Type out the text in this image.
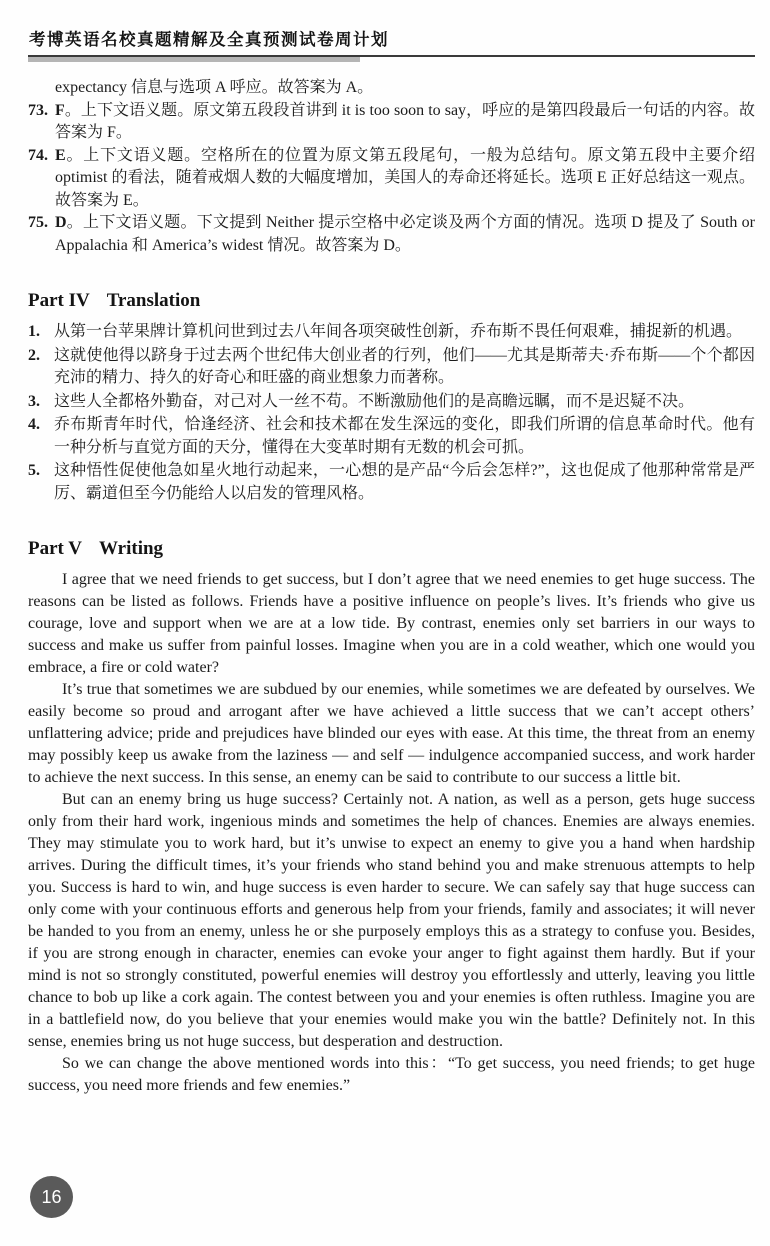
考博英语名校真题精解及全真预测试卷周计划
expectancy 信息与选项 A 呼应。故答案为 A。
73. F。上下文语义题。原文第五段段首讲到 it is too soon to say，呼应的是第四段最后一句话的内容。故答案为 F。
74. E。上下文语义题。空格所在的位置为原文第五段尾句，一般为总结句。原文第五段中主要介绍 optimist 的看法，随着戒烟人数的大幅度增加，美国人的寿命还将延长。选项 E 正好总结这一观点。故答案为 E。
75. D。上下文语义题。下文提到 Neither 提示空格中必定谈及两个方面的情况。选项 D 提及了 South or Appalachia 和 America’s widest 情况。故答案为 D。
Part IV Translation
1. 从第一台苹果牌计算机问世到过去八年间各项突破性创新，乔布斯不畏任何艰难，捕捉新的机遇。
2. 这就使他得以跻身于过去两个世纪伟大创业者的行列，他们——尤其是斯蒂夫·乔布斯——个个都因充沛的精力、持久的好奇心和旺盛的商业想象力而著称。
3. 这些人全都格外勤奋，对己对人一丝不苟。不断激励他们的是高瞻远瞩，而不是迟疑不决。
4. 乔布斯青年时代，恰逢经济、社会和技术都在发生深远的变化，即我们所谓的信息革命时代。他有一种分析与直觉方面的天分，懂得在大变革时期有无数的机会可抓。
5. 这种悟性促使他急如星火地行动起来，一心想的是产品“今后会怎样?”，这也促成了他那种常常是严厉、霸道但至今仍能给人以启发的管理风格。
Part V Writing

I agree that we need friends to get success, but I don’t agree that we need enemies to get huge success. The reasons can be listed as follows. Friends have a positive influence on people’s lives. It’s friends who give us courage, love and support when we are at a low tide. By contrast, enemies only set barriers in our ways to success and make us suffer from painful losses. Imagine when you are in a cold weather, which one would you embrace, a fire or cold water?

It’s true that sometimes we are subdued by our enemies, while sometimes we are defeated by ourselves. We easily become so proud and arrogant after we have achieved a little success that we can’t accept others’ unflattering advice; pride and prejudices have blinded our eyes with ease. At this time, the threat from an enemy may possibly keep us awake from the laziness — and self — indulgence accompanied success, and work harder to achieve the next success. In this sense, an enemy can be said to contribute to our success a little bit.

But can an enemy bring us huge success? Certainly not. A nation, as well as a person, gets huge success only from their hard work, ingenious minds and sometimes the help of chances. Enemies are always enemies. They may stimulate you to work hard, but it’s unwise to expect an enemy to give you a hand when hardship arrives. During the difficult times, it’s your friends who stand behind you and make strenuous attempts to help you. Success is hard to win, and huge success is even harder to secure. We can safely say that huge success can only come with your continuous efforts and generous help from your friends, family and associates; it will never be handed to you from an enemy, unless he or she purposely employs this as a strategy to confuse you. Besides, if you are strong enough in character, enemies can evoke your anger to fight against them hardly. But if your mind is not so strongly constituted, powerful enemies will destroy you effortlessly and utterly, leaving you little chance to bob up like a cork again. The contest between you and your enemies is often ruthless. Imagine you are in a battlefield now, do you believe that your enemies would make you win the battle? Definitely not. In this sense, enemies bring us not huge success, but desperation and destruction.

So we can change the above mentioned words into this：“To get success, you need friends; to get huge success, you need more friends and few enemies.”

16
